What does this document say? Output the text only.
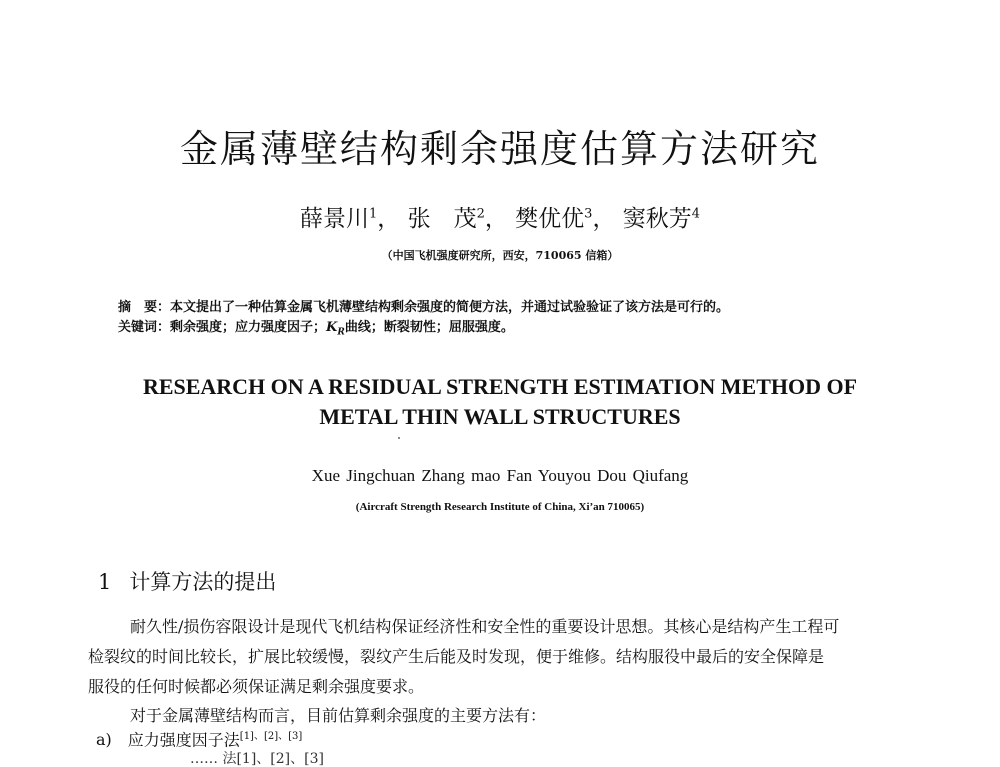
金属薄壁结构剩余强度估算方法研究
薛景川$^1$， 张　茂$^2$， 樊优优$^3$， 窦秋芳$^4$
（中国飞机强度研究所，西安，710065 信箱）
摘　要：本文提出了一种估算金属飞机薄壁结构剩余强度的简便方法，并通过试验验证了该方法是可行的。
关键词：剩余强度；应力强度因子；$K_R$曲线；断裂韧性；屈服强度。
RESEARCH ON A RESIDUAL STRENGTH ESTIMATION METHOD OF
METAL THIN WALL STRUCTURES
Xue Jingchuan Zhang mao Fan Youyou Dou Qiufang
(Aircraft Strength Research Institute of China, Xi’an 710065)
1 计算方法的提出
耐久性/损伤容限设计是现代飞机结构保证经济性和安全性的重要设计思想。其核心是结构产生工程可
检裂纹的时间比较长，扩展比较缓慢，裂纹产生后能及时发现，便于维修。结构服役中最后的安全保障是
服役的任何时候都必须保证满足剩余强度要求。
对于金属薄壁结构而言，目前估算剩余强度的主要方法有：
a) 应力强度因子法[1]、[2]、[3]
…… 法[1]、[2]、[3]
